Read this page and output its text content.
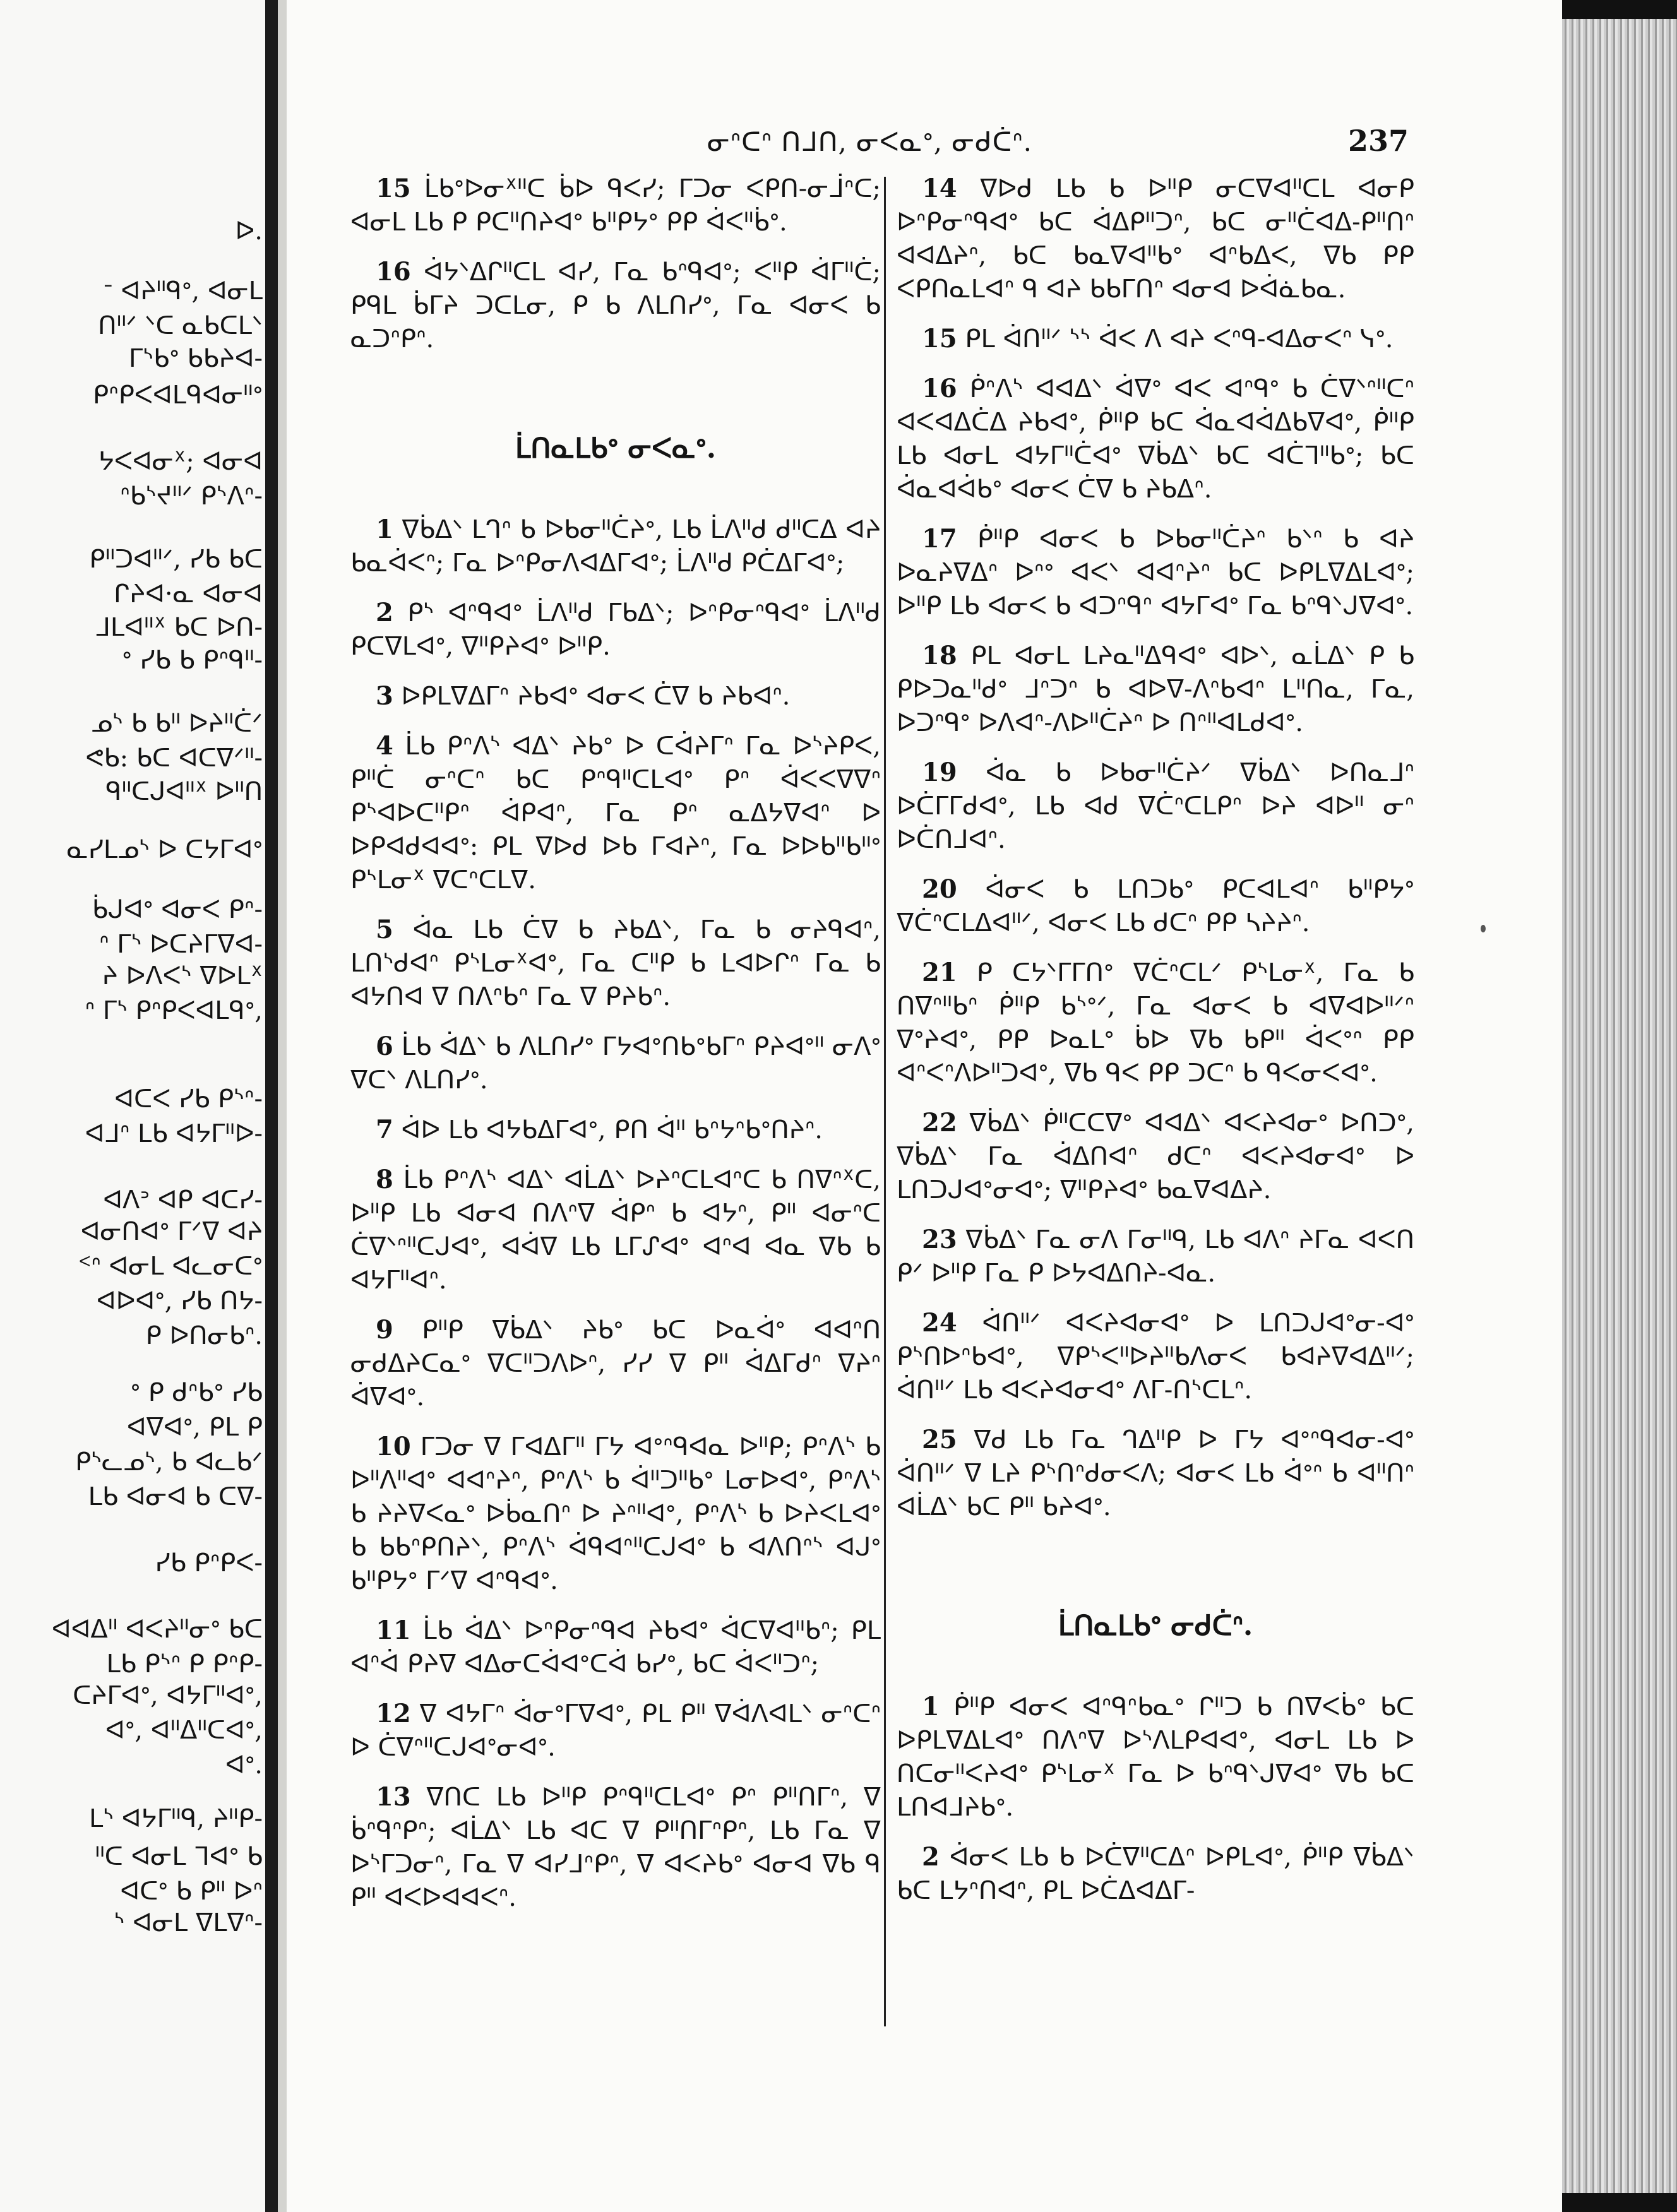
ᐅ.
ᐨ ᐊᔨᐦᑫᐤ, ᐊᓂᒪ
ᑎᐦᐟ ᐠᑕ ᓇᑲᑕᒪᐠ
ᒥᔅᑲᐤ ᑲᑲᔨᐊ-
ᑭᐢᑭᐸᐊᒪᑫᐊᓂᐦᐤ
ᔭᐸᐊᓂᕽ; ᐊᓂᐊ
ᐢᑲᔅᔪᐦᐟ ᑭᔅᐱᐢ-
ᑭᐦᑐᐊᐦᐟ, ᓯᑲ ᑲᑕ
ᒋᔨᐊ·ᓇ ᐊᓂᐊ
ᒧᒪᐊᐦᕽ ᑲᑕ ᐅᑎ-
ᐤ ᓯᑲ ᑲ ᑭᐢᑫᐦ-
ᓄᔅ ᑲ ᑲᐦ ᐅᔨᐦᑖᐟ
ᕙᑲ: ᑲᑕ ᐊᑕᐁᐟᐦ-
ᑫᐦᑕᒍᐊᐦᕽ ᐅᐦᑎ
ᓇᓯᒪᓄᔅ ᐅ ᑕᔭᒥᐊᐤ
ᑳᒍᐊᐤ ᐊᓂᐸ ᑭᐢ-
ᐢ ᒥᔅ ᐅᑕᔨᒥᐁᐊ-
ᔨ ᐅᐱᐸᔅ ᐁᐅᒪᕽ
ᐢ ᒥᔅ ᑭᐢᑭᐸᐊᒪᑫᐤ,
ᐊᑕᐸ ᓯᑲ ᑭᔅᐢ-
ᐊᒧᐢ ᒪᑲ ᐊᔭᒥᐦᐅ-
ᐊᐱᐣ ᐊᑭ ᐊᑕᓯ-
ᐊᓂᑎᐊᐤ ᒥᐟᐁ ᐊᔨ
ᑉᐢ ᐊᓂᒪ ᐊᓚᓂᑕᐤ
ᐊᐅᐊᐤ, ᓯᑲ ᑎᔭ-
ᑭ ᐅᑎᓂᑲᐢ.
ᐤ ᑭ ᑯᐢᑲᐤ ᓯᑲ
ᐊᐁᐊᐤ, ᑭᒪ ᑭ
ᑭᔅᓚᓄᔅ, ᑲ ᐊᓚᑲᐟ
ᒪᑲ ᐊᓂᐊ ᑲ ᑕᐁ-
ᓯᑲ ᑭᐢᑭᐸ-
ᐊᐊᐃᐦ ᐊᐸᔨᐦᓂᐤ ᑲᑕ
ᒪᑲ ᑭᔅᐢ ᑭ ᑭᐢᑭ-
ᑕᔨᒥᐊᐤ, ᐊᔭᒥᐦᐊᐤ,
ᐊᐤ, ᐊᐦᐃᐦᑕᐊᐤ,
ᐊᐤ.
ᒪᔅ ᐊᔭᒥᐦᑫ, ᔨᐦᑭ-
ᐦᑕ ᐊᓂᒪ ᒣᐊᐤ ᑲ
ᐊᑕᐤ ᑲ ᑭᐦ ᐅᐢ
ᔅ ᐊᓂᒪ ᐁᒪᐁᐢ-
ᓂᐢᑕᐢ ᑎᒧᑎ, ᓂᐸᓇᐤ, ᓂᑯᑖᐢ.	237

15 ᒫᑲᐤᐅᓂᕽᐦᑕ ᑳᐅ ᑫᐸᓯ; ᒥᑐᓂ ᐸᑭᑎ-ᓂᒨᐢᑕ; ᐊᓂᒪ ᒪᑲ ᑭ ᑭᑕᐦᑎᔨᐊᐤ ᑲᐦᑭᔭᐤ ᑭᑭ ᐋᐸᐦᑳᐤ.

16 ᐋᔭᐠᐃᒋᐦᑕᒪ ᐊᓯ, ᒥᓇ ᑲᐢᑫᐊᐤ; ᐸᐦᑭ ᐋᒥᐦᑖ; ᑭᑫᒪ ᑳᒥᔨ ᑐᑕᒪᓂ, ᑭ ᑲ ᐱᒪᑎᓯᐤ, ᒥᓇ ᐊᓂᐸ ᑲ ᓇᑐᐢᑭᐢ.

ᒫᑎᓇᒪᑲᐤ ᓂᐸᓇᐤ.

1 ᐁᑳᐃᐠ ᒪᒉᐢ ᑲ ᐅᑲᓂᐦᑖᔨᐤ, ᒪᑲ ᒫᐱᐦᑯ ᑯᐦᑕᐃ ᐊᔨ ᑲᓇᐋᐸᐢ; ᒥᓇ ᐅᐢᑭᓂᐱᐊᐃᒥᐊᐤ; ᒫᐱᐦᑯ ᑭᑖᐃᒥᐊᐤ;

2 ᑭᔅ ᐊᐢᑫᐊᐤ ᒫᐱᐦᑯ ᒥᑲᐃᐠ; ᐅᐢᑭᓂᐢᑫᐊᐤ ᒫᐱᐦᑯ ᑭᑕᐁᒪᐊᐤ, ᐁᐦᑭᔨᐊᐤ ᐅᐦᑭ.

3 ᐅᑭᒪᐁᐃᒥᐢ ᔨᑲᐊᐤ ᐊᓂᐸ ᑖᐁ ᑲ ᔨᑲᐊᐢ.

4 ᒫᑲ ᑭᐢᐱᔅ ᐊᐃᐠ ᔨᑲᐤ ᐅ ᑕᐋᔨᒥᐢ ᒥᓇ ᐅᔅᔨᑭᐸ, ᑭᐦᑖ ᓂᐢᑕᐢ ᑲᑕ ᑭᐢᑫᐦᑕᒪᐊᐤ ᑭᐢ ᐋᐸᐸᐁᐁᐢ ᑭᔅᐊᐅᑕᐦᑭᐢ ᐋᑭᐊᐢ, ᒥᓇ ᑭᐢ ᓇᐃᔭᐁᐊᐢ ᐅ ᐅᑭᐊᑯᐊᐊᐤ: ᑭᒪ ᐁᐅᑯ ᐅᑲ ᒥᐊᔨᐢ, ᒥᓇ ᐅᐅᑲᐦᑲᐦᐤ ᑭᔅᒪᓂᕽ ᐁᑕᐢᑕᒪᐁ.

5 ᐋᓇ ᒪᑲ ᑖᐁ ᑲ ᔨᑲᐃᐠ, ᒥᓇ ᑲ ᓂᔨᑫᐊᐢ, ᒪᑎᔅᑯᐊᐢ ᑭᔅᒪᓂᕽᐊᐤ, ᒥᓇ ᑕᐦᑭ ᑲ ᒪᐊᐅᒋᐢ ᒥᓇ ᑲ ᐊᔭᑎᐊ ᐁ ᑎᐱᐢᑲᐢ ᒥᓇ ᐁ ᑭᔨᑲᐢ.

6 ᒫᑲ ᐋᐃᐠ ᑲ ᐱᒪᑎᓯᐤ ᒥᔭᐊᐤᑎᑲᐤᑲᒥᐢ ᑭᔨᐊᐤᐦ ᓂᐱᐤ ᐁᑕᐠ ᐱᒪᑎᓯᐤ.

7 ᐋᐅ ᒪᑲ ᐊᔭᑲᐃᒥᐊᐤ, ᑭᑎ ᐋᐦ ᑲᐢᔭᐢᑲᐤᑎᔨᐢ.

8 ᒫᑲ ᑭᐢᐱᔅ ᐊᐃᐠ ᐊᒫᐃᐠ ᐅᔨᐢᑕᒪᐊᐢᑕ ᑲ ᑎᐁᐢᕽᑕ, ᐅᐦᑭ ᒪᑲ ᐊᓂᐊ ᑎᐱᐢᐁ ᐋᑭᐢ ᑲ ᐊᔭᐢ, ᑭᐦ ᐊᓂᐢᑕ ᑖᐁᐠᐢᐦᑕᒍᐊᐤ, ᐊᐋᐁ ᒪᑲ ᒪᒥᔑᐊᐤ ᐊᐢᐊ ᐊᓇ ᐁᑲ ᑲ ᐊᔭᒥᐦᐊᐢ.

9 ᑭᐦᑭ ᐁᑳᐃᐠ ᔨᑲᐤ ᑲᑕ ᐅᓇᐋᐤ ᐊᐊᐢᑎ ᓂᑯᐃᔨᑕᓇᐤ ᐁᑕᐦᑐᐱᐅᐢ, ᓯᓯ ᐁ ᑭᐦ ᐋᐃᒥᑯᐢ ᐁᔨᐢ ᐋᐁᐊᐤ.

10 ᒥᑐᓂ ᐁ ᒥᐊᐃᒥᐦ ᒥᔭ ᐊᐤᐢᑫᐊᓇ ᐅᐦᑭ; ᑭᐢᐱᔅ ᑲ ᐅᐦᐱᐦᐊᐤ ᐊᐊᐢᔨᐢ, ᑭᐢᐱᔅ ᑲ ᐋᐦᑐᐦᑲᐤ ᒪᓂᐅᐊᐤ, ᑭᐢᐱᔅ ᑲ ᔨᔨᐁᐸᓇᐤ ᐅᑳᓇᑎᐢ ᐅ ᔨᐢᐦᐊᐤ, ᑭᐢᐱᔅ ᑲ ᐅᔨᐸᒪᐊᐤ ᑲ ᑲᑲᐢᑭᑎᔨᐠ, ᑭᐢᐱᔅ ᐋᑫᐊᐢᐦᑕᒍᐊᐤ ᑲ ᐊᐱᑎᐢᔅ ᐊᒍᐤ ᑲᐦᑭᔭᐤ ᒥᐟᐁ ᐊᐢᑫᐊᐤ.

11 ᒫᑲ ᐋᐃᐠ ᐅᐢᑭᓂᐢᑫᐊ ᔨᑲᐊᐤ ᐋᑕᐁᐊᐦᑲᐢ; ᑭᒪ ᐊᐢᐋ ᑭᔨᐁ ᐊᐃᓂᑕᐋᐊᐤᑕᐋ ᑲᓯᐤ, ᑲᑕ ᐋᐸᐦᑐᐢ;

12 ᐁ ᐊᔭᒥᐢ ᐋᓂᐤᒥᐁᐊᐤ, ᑭᒪ ᑭᐦ ᐁᐋᐱᐊᒪᐠ ᓂᐢᑕᐢ ᐅ ᑖᐁᐢᐦᑕᒍᐊᐤᓂᐊᐤ.

13 ᐁᑎᑕ ᒪᑲ ᐅᐦᑭ ᑭᐢᑫᐦᑕᒪᐊᐤ ᑭᐢ ᑭᐦᑎᒥᐢ, ᐁ ᑳᐢᑫᐢᑭᐢ; ᐊᒫᐃᐠ ᒪᑲ ᐊᑕ ᐁ ᑭᐦᑎᒥᐢᑭᐢ, ᒪᑲ ᒥᓇ ᐁ ᐅᔅᒥᑐᓂᐢ, ᒥᓇ ᐁ ᐊᓯᒧᐢᑭᐢ, ᐁ ᐊᐸᔨᑲᐤ ᐊᓂᐊ ᐁᑲ ᑫ ᑭᐦ ᐊᐸᐅᐊᐊᐸᐢ.

14 ᐁᐅᑯ ᒪᑲ ᑲ ᐅᐦᑭ ᓂᑕᐁᐊᐦᑕᒪ ᐊᓂᑭ ᐅᐢᑭᓂᐢᑫᐊᐤ ᑲᑕ ᐋᐃᑭᐦᑐᐢ, ᑲᑕ ᓂᐦᑖᐊᐃ-ᑭᐦᑎᐢ ᐊᐊᐃᔨᐢ, ᑲᑕ ᑲᓇᐁᐊᐦᑲᐤ ᐊᐢᑲᐃᐸ, ᐁᑲ ᑭᑭ ᐸᑭᑎᓇᒪᐊᐢ ᑫ ᐊᔨ ᑲᑲᒥᑎᐢ ᐊᓂᐊ ᐅᐋᓈᑲᓇ.

15 ᑭᒪ ᐋᑎᐦᐟ ᔅᔅ ᐋᐸ ᐱ ᐊᔨ ᐸᐢᑫ-ᐊᐃᓂᐸᐢ ᓭᐤ.

16 ᑮᐢᐱᔅ ᐊᐊᐃᐠ ᐋᐁᐤ ᐊᐸ ᐊᐢᑫᐤ ᑲ ᑖᐁᐠᐢᐦᑕᐢ ᐊᐸᐊᐃᑖᐃ ᔨᑲᐊᐤ, ᑮᐦᑭ ᑲᑕ ᐋᓇᐊᐋᐃᑲᐁᐊᐤ, ᑮᐦᑭ ᒪᑲ ᐊᓂᒪ ᐊᔭᒥᐦᑖᐊᐤ ᐁᑳᐃᐠ ᑲᑕ ᐊᑖᒣᐦᑲᐤ; ᑲᑕ ᐋᓇᐊᐋᑲᐤ ᐊᓂᐸ ᑖᐁ ᑲ ᔨᑲᐃᐢ.

17 ᑮᐦᑭ ᐊᓂᐸ ᑲ ᐅᑲᓂᐦᑖᔨᐢ ᑲᐠᐢ ᑲ ᐊᔨ ᐅᓇᔨᐁᐃᐢ ᐅᐢᐤ ᐊᐸᐠ ᐊᐊᐢᔨᐢ ᑲᑕ ᐅᑭᒪᐁᐃᒪᐊᐤ; ᐅᐦᑭ ᒪᑲ ᐊᓂᐸ ᑲ ᐊᑐᐢᑫᐢ ᐊᔭᒥᐊᐤ ᒥᓇ ᑲᐢᑫᐠᒍᐁᐊᐤ.

18 ᑭᒪ ᐊᓂᒪ ᒪᔨᓇᐦᐃᑫᐊᐤ ᐊᐅᐠ, ᓇᒫᐃᐠ ᑭ ᑲ ᑭᐅᑐᓇᐦᑯᐤ ᒧᐢᑐᐢ ᑲ ᐊᐅᐁ-ᐱᐢᑲᐊᐢ ᒪᐦᑎᓇ, ᒥᓇ, ᐅᑐᐢᑫᐤ ᐅᐱᐊᐢ-ᐱᐅᐦᑖᔨᐢ ᐅ ᑎᐢᐦᐊᒪᑯᐊᐤ.

19 ᐋᓇ ᑲ ᐅᑲᓂᐦᑖᔨᐟ ᐁᑳᐃᐠ ᐅᑎᓇᒧᐢ ᐅᑖᒥᒥᑯᐊᐤ, ᒪᑲ ᐊᑯ ᐁᑖᐢᑕᒪᑭᐢ ᐅᔨ ᐊᐅᐦ ᓂᐢ ᐅᑖᑎᒧᐊᐢ.

20 ᐋᓂᐸ ᑲ ᒪᑎᑐᑲᐤ ᑭᑕᐊᒪᐊᐢ ᑲᐦᑭᔭᐤ ᐁᑖᐢᑕᒪᐃᐊᐦᐟ, ᐊᓂᐸ ᒪᑲ ᑯᑕᐢ ᑭᑭ ᓴᔨᔨᐢ.

21 ᑭ ᑕᔭᐠᒥᒥᑎᐤ ᐁᑖᐢᑕᒪᐟ ᑭᔅᒪᓂᕽ, ᒥᓇ ᑲ ᑎᐁᐢᐦᑲᐢ ᑮᐦᑭ ᑲᔅᐤᐟ, ᒥᓇ ᐊᓂᐸ ᑲ ᐊᐁᐊᐅᐦᐟᐢ ᐁᐤᔨᐊᐤ, ᑭᑭ ᐅᓇᒪᐤ ᑳᐅ ᐁᑲ ᑲᑭᐦ ᐋᐸᐤᐢ ᑭᑭ ᐊᐢᐸᐢᐱᐅᐦᑐᐊᐤ, ᐁᑲ ᑫᐸ ᑭᑭ ᑐᑕᐢ ᑲ ᑫᐸᓂᐸᐊᐤ.

22 ᐁᑳᐃᐠ ᑮᐦᑕᑕᐁᐤ ᐊᐊᐃᐠ ᐊᐸᔨᐊᓂᐤ ᐅᑎᑐᐤ, ᐁᑳᐃᐠ ᒥᓇ ᐋᐃᑎᐊᐢ ᑯᑕᐢ ᐊᐸᔨᐊᓂᐊᐤ ᐅ ᒪᑎᑐᒍᐊᐤᓂᐊᐤ; ᐁᐦᑭᔨᐊᐤ ᑲᓇᐁᐊᐃᔨ.

23 ᐁᑳᐃᐠ ᒥᓇ ᓂᐱ ᒥᓂᐦᑫ, ᒪᑲ ᐊᐱᐢ ᔨᒥᓇ ᐊᐸᑎ ᑭᐟ ᐅᐦᑭ ᒥᓇ ᑭ ᐅᔭᐊᐃᑎᔨ-ᐊᓇ.

24 ᐋᑎᐦᐟ ᐊᐸᔨᐊᓂᐊᐤ ᐅ ᒪᑎᑐᒍᐊᐤᓂ-ᐊᐤ ᑭᔅᑎᐅᐢᑲᐊᐤ, ᐁᑭᔅᐸᐦᐅᔨᐦᑲᐱᓂᐸ ᑲᐊᔨᐁᐊᐃᐦᐟ; ᐋᑎᐦᐟ ᒪᑲ ᐊᐸᔨᐊᓂᐊᐤ ᐱᒥ-ᑎᔅᑕᒪᐢ.

25 ᐁᑯ ᒪᑲ ᒥᓇ ᒉᐃᐦᑭ ᐅ ᒥᔭ ᐊᐤᐢᑫᐊᓂ-ᐊᐤ ᐋᑎᐦᐟ ᐁ ᒪᔨ ᑭᔅᑎᐢᑯᓂᐸᐱ; ᐊᓂᐸ ᒪᑲ ᐋᐤᐢ ᑲ ᐊᐦᑎᐢ ᐊᒫᐃᐠ ᑲᑕ ᑭᐦ ᑲᔨᐊᐤ.

ᒫᑎᓇᒪᑲᐤ ᓂᑯᑖᐢ.

1 ᑮᐦᑭ ᐊᓂᐸ ᐊᐢᑫᐢᑲᓇᐤ ᒋᐦᑐ ᑲ ᑎᐁᐸᑳᐤ ᑲᑕ ᐅᑭᒪᐁᐃᒪᐊᐤ ᑎᐱᐢᐁ ᐅᔅᐱᒪᑭᐊᐊᐤ, ᐊᓂᒪ ᒪᑲ ᐅ ᑎᑕᓂᐦᐸᔨᐊᐤ ᑭᔅᒪᓂᕽ ᒥᓇ ᐅ ᑲᐢᑫᐠᒍᐁᐊᐤ ᐁᑲ ᑲᑕ ᒪᑎᐊᒧᔨᑲᐤ.

2 ᐋᓂᐸ ᒪᑲ ᑲ ᐅᑖᐁᐦᑕᐃᐢ ᐅᑭᒪᐊᐤ, ᑮᐦᑭ ᐁᑳᐃᐠ ᑲᑕ ᒪᔭᐢᑎᐊᐢ, ᑭᒪ ᐅᑖᐃᐊᐃᒥ-
